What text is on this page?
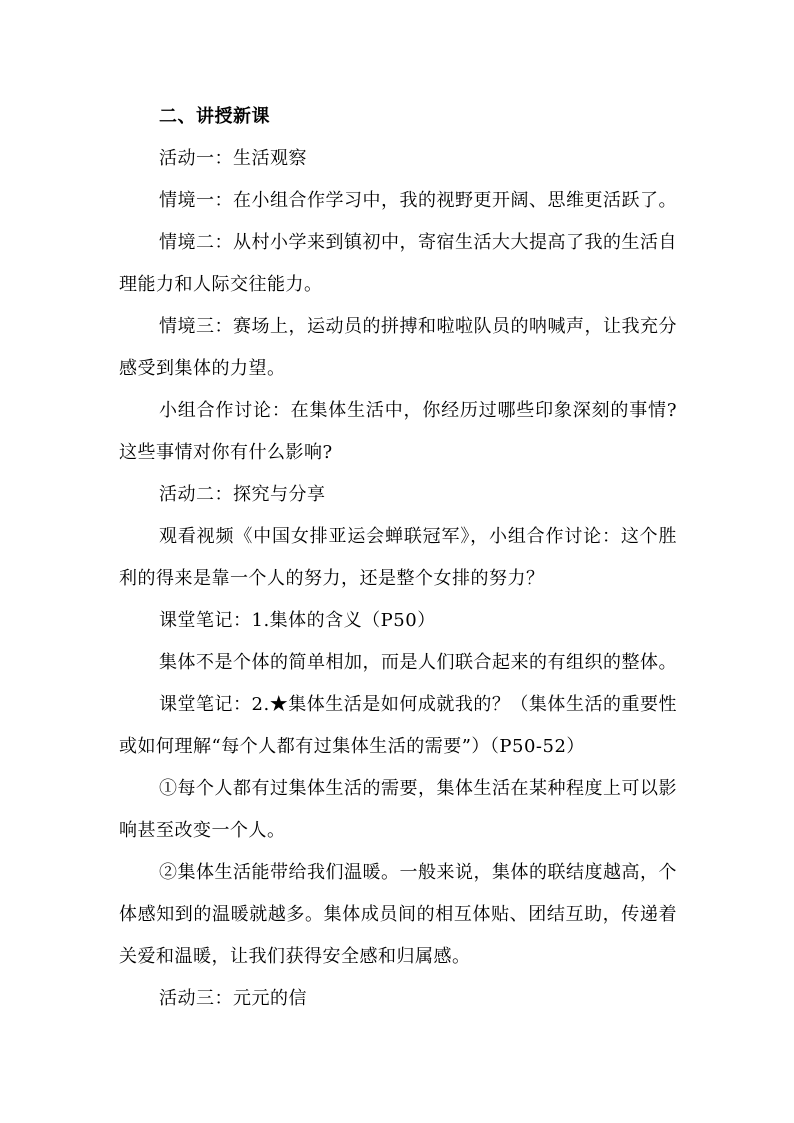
二、讲授新课

活动一：生活观察

情境一：在小组合作学习中，我的视野更开阔、思维更活跃了。

情境二：从村小学来到镇初中，寄宿生活大大提高了我的生活自理能力和人际交往能力。

情境三：赛场上，运动员的拼搏和啦啦队员的呐喊声，让我充分感受到集体的力望。

小组合作讨论：在集体生活中，你经历过哪些印象深刻的事情?这些事情对你有什么影响?

活动二：探究与分享

观看视频《中国女排亚运会蝉联冠军》，小组合作讨论：这个胜利的得来是靠一个人的努力，还是整个女排的努力？

课堂笔记：1.集体的含义（P50）

集体不是个体的简单相加，而是人们联合起来的有组织的整体。

课堂笔记：2.★集体生活是如何成就我的？（集体生活的重要性或如何理解“每个人都有过集体生活的需要”）（P50-52）

①每个人都有过集体生活的需要，集体生活在某种程度上可以影响甚至改变一个人。

②集体生活能带给我们温暖。一般来说，集体的联结度越高，个体感知到的温暖就越多。集体成员间的相互体贴、团结互助，传递着关爱和温暖，让我们获得安全感和归属感。

活动三：元元的信
